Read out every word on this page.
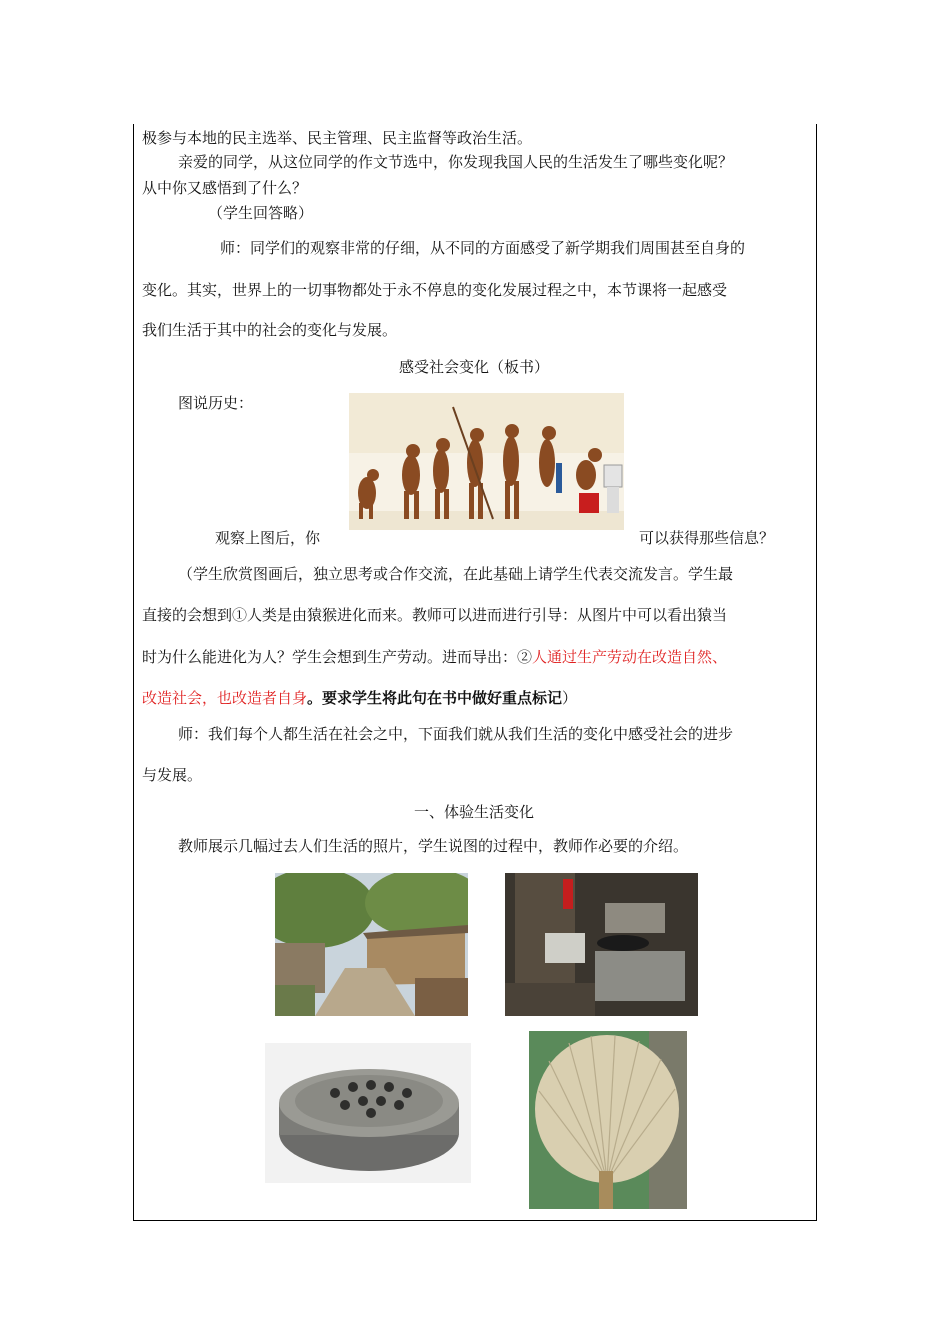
极参与本地的民主选举、民主管理、民主监督等政治生活。
亲爱的同学，从这位同学的作文节选中，你发现我国人民的生活发生了哪些变化呢？
从中你又感悟到了什么？
（学生回答略）
师：同学们的观察非常的仔细，从不同的方面感受了新学期我们周围甚至自身的
变化。其实，世界上的一切事物都处于永不停息的变化发展过程之中，本节课将一起感受
我们生活于其中的社会的变化与发展。
感受社会变化（板书）
图说历史：
观察上图后，你	可以获得那些信息？
（学生欣赏图画后，独立思考或合作交流，在此基础上请学生代表交流发言。学生最
直接的会想到①人类是由猿猴进化而来。教师可以进而进行引导：从图片中可以看出猿当
时为什么能进化为人？学生会想到生产劳动。进而导出：②人通过生产劳动在改造自然、
改造社会，也改造者自身。要求学生将此句在书中做好重点标记）
师：我们每个人都生活在社会之中，下面我们就从我们生活的变化中感受社会的进步
与发展。
一、体验生活变化
教师展示几幅过去人们生活的照片，学生说图的过程中，教师作必要的介绍。
